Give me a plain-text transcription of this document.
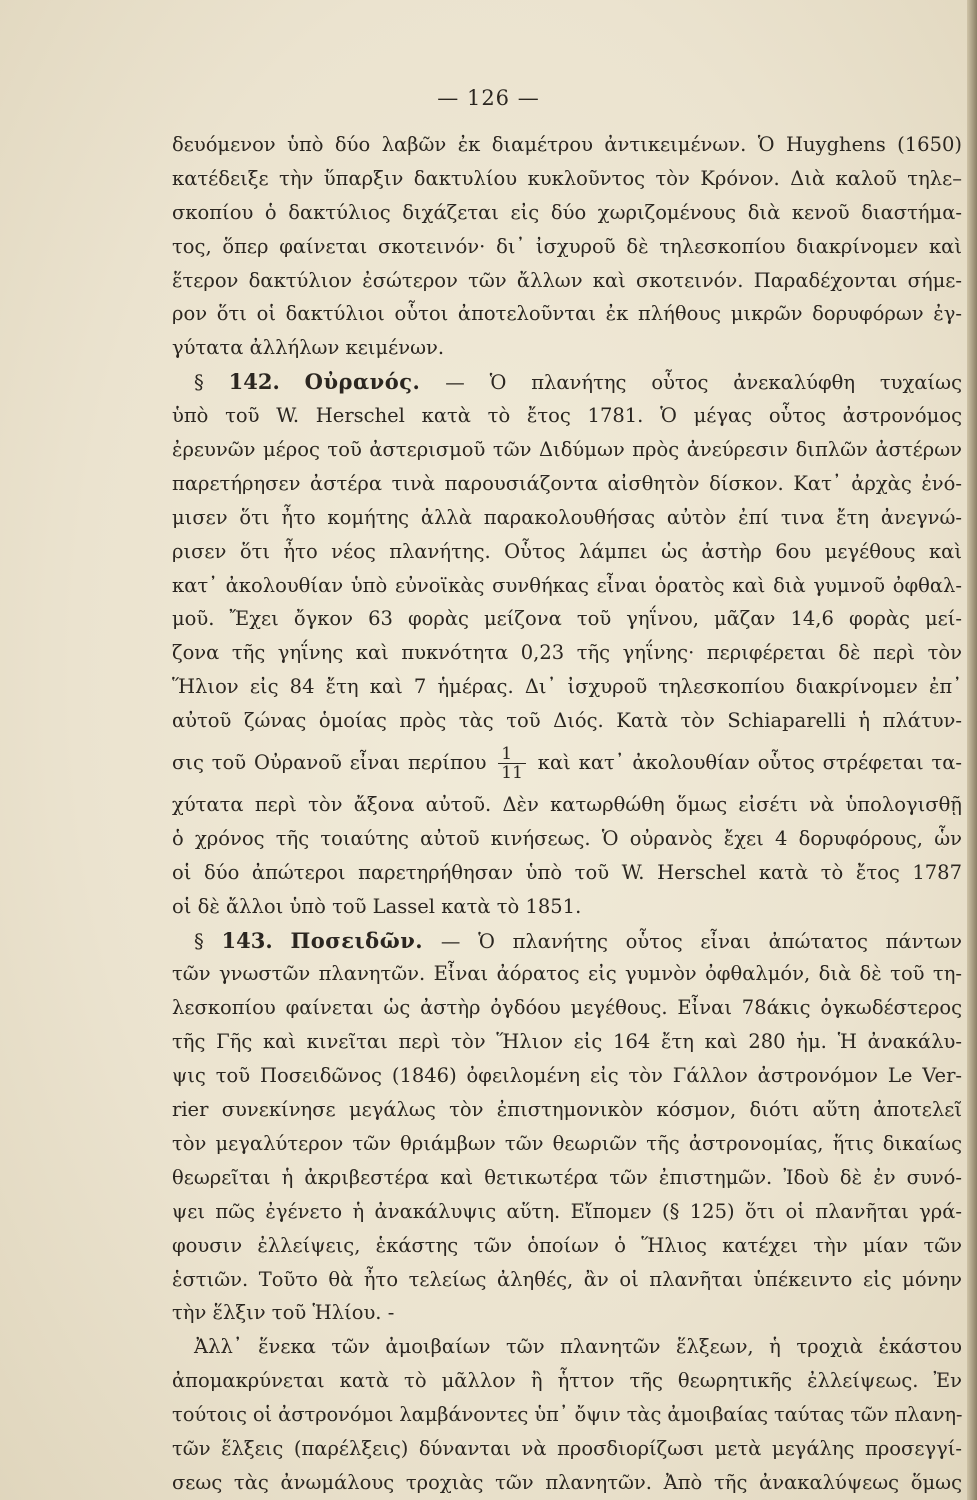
— 126 —
δευόμενον ὑπὸ δύο λαβῶν ἐκ διαμέτρου ἀντικειμένων. Ὁ Huyghens (1650)
κατέδειξε τὴν ὕπαρξιν δακτυλίου κυκλοῦντος τὸν Κρόνον. Διὰ καλοῦ τηλε–
σκοπίου ὁ δακτύλιος διχάζεται εἰς δύο χωριζομένους διὰ κενοῦ διαστήμα-
τος, ὅπερ φαίνεται σκοτεινόν· δι᾽ ἰσχυροῦ δὲ τηλεσκοπίου διακρίνομεν καὶ
ἕτερον δακτύλιον ἐσώτερον τῶν ἄλλων καὶ σκοτεινόν. Παραδέχονται σήμε-
ρον ὅτι οἱ δακτύλιοι οὗτοι ἀποτελοῦνται ἐκ πλήθους μικρῶν δορυφόρων ἐγ-
γύτατα ἀλλήλων κειμένων.
§ 142. Οὐρανός. — Ὁ πλανήτης οὗτος ἀνεκαλύφθη τυχαίως
ὑπὸ τοῦ W. Herschel κατὰ τὸ ἔτος 1781. Ὁ μέγας οὗτος ἀστρονόμος
ἐρευνῶν μέρος τοῦ ἀστερισμοῦ τῶν Διδύμων πρὸς ἀνεύρεσιν διπλῶν ἀστέρων
παρετήρησεν ἀστέρα τινὰ παρουσιάζοντα αἰσθητὸν δίσκον. Κατ᾽ ἀρχὰς ἐνό-
μισεν ὅτι ἦτο κομήτης ἀλλὰ παρακολουθήσας αὐτὸν ἐπί τινα ἔτη ἀνεγνώ-
ρισεν ὅτι ἦτο νέος πλανήτης. Οὗτος λάμπει ὡς ἀστὴρ 6ου μεγέθους καὶ
κατ᾽ ἀκολουθίαν ὑπὸ εὐνοϊκὰς συνθήκας εἶναι ὁρατὸς καὶ διὰ γυμνοῦ ὀφθαλ-
μοῦ. Ἔχει ὄγκον 63 φορὰς μείζονα τοῦ γηΐνου, μᾶζαν 14,6 φορὰς μεί-
ζονα τῆς γηΐνης καὶ πυκνότητα 0,23 τῆς γηΐνης· περιφέρεται δὲ περὶ τὸν
Ἥλιον εἰς 84 ἔτη καὶ 7 ἡμέρας. Δι᾽ ἰσχυροῦ τηλεσκοπίου διακρίνομεν ἐπ᾽
αὐτοῦ ζώνας ὁμοίας πρὸς τὰς τοῦ Διός. Κατὰ τὸν Schiaparelli ἡ πλάτυν-
σις τοῦ Οὐρανοῦ εἶναι περίπου $\frac{1}{11}$ καὶ κατ᾽ ἀκολουθίαν οὗτος στρέφεται τα-
χύτατα περὶ τὸν ἄξονα αὐτοῦ. Δὲν κατωρθώθη ὅμως εἰσέτι νὰ ὑπολογισθῇ
ὁ χρόνος τῆς τοιαύτης αὐτοῦ κινήσεως. Ὁ οὐρανὸς ἔχει 4 δορυφόρους, ὧν
οἱ δύο ἀπώτεροι παρετηρήθησαν ὑπὸ τοῦ W. Herschel κατὰ τὸ ἔτος 1787
οἱ δὲ ἄλλοι ὑπὸ τοῦ Lassel κατὰ τὸ 1851.
§ 143. Ποσειδῶν. — Ὁ πλανήτης οὗτος εἶναι ἀπώτατος πάντων
τῶν γνωστῶν πλανητῶν. Εἶναι ἀόρατος εἰς γυμνὸν ὀφθαλμόν, διὰ δὲ τοῦ τη-
λεσκοπίου φαίνεται ὡς ἀστὴρ ὀγδόου μεγέθους. Εἶναι 78άκις ὀγκωδέστερος
τῆς Γῆς καὶ κινεῖται περὶ τὸν Ἥλιον εἰς 164 ἔτη καὶ 280 ἡμ. Ἡ ἀνακάλυ-
ψις τοῦ Ποσειδῶνος (1846) ὀφειλομένη εἰς τὸν Γάλλον ἀστρονόμον Le Ver-
rier συνεκίνησε μεγάλως τὸν ἐπιστημονικὸν κόσμον, διότι αὕτη ἀποτελεῖ
τὸν μεγαλύτερον τῶν θριάμβων τῶν θεωριῶν τῆς ἀστρονομίας, ἥτις δικαίως
θεωρεῖται ἡ ἀκριβεστέρα καὶ θετικωτέρα τῶν ἐπιστημῶν. Ἰδοὺ δὲ ἐν συνό-
ψει πῶς ἐγένετο ἡ ἀνακάλυψις αὕτη. Εἴπομεν (§ 125) ὅτι οἱ πλανῆται γρά-
φουσιν ἐλλείψεις, ἑκάστης τῶν ὁποίων ὁ Ἥλιος κατέχει τὴν μίαν τῶν
ἑστιῶν. Τοῦτο θὰ ἦτο τελείως ἀληθές, ἂν οἱ πλανῆται ὑπέκειντο εἰς μόνην
τὴν ἕλξιν τοῦ Ἡλίου. -
Ἀλλ᾽ ἕνεκα τῶν ἀμοιβαίων τῶν πλανητῶν ἕλξεων, ἡ τροχιὰ ἑκάστου
ἀπομακρύνεται κατὰ τὸ μᾶλλον ἢ ἧττον τῆς θεωρητικῆς ἐλλείψεως. Ἐν
τούτοις οἱ ἀστρονόμοι λαμβάνοντες ὑπ᾽ ὄψιν τὰς ἀμοιβαίας ταύτας τῶν πλανη-
τῶν ἕλξεις (παρέλξεις) δύνανται νὰ προσδιορίζωσι μετὰ μεγάλης προσεγγί-
σεως τὰς ἀνωμάλους τροχιὰς τῶν πλανητῶν. Ἀπὸ τῆς ἀνακαλύψεως ὅμως
